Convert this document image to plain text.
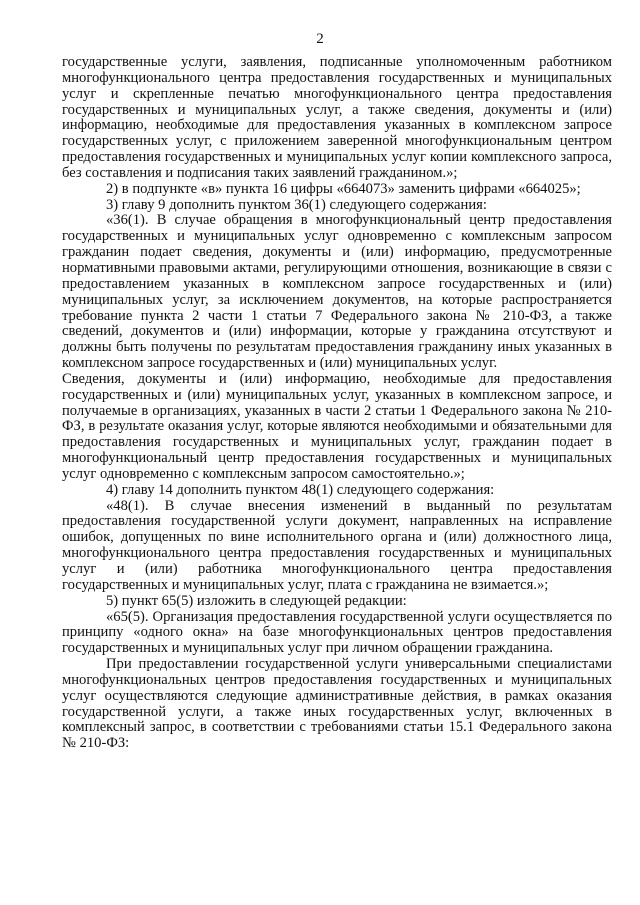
2

государственные услуги, заявления, подписанные уполномоченным работником многофункционального центра предоставления государственных и муниципальных услуг и скрепленные печатью многофункционального центра предоставления государственных и муниципальных услуг, а также сведения, документы и (или) информацию, необходимые для предоставления указанных в комплексном запросе государственных услуг, с приложением заверенной многофункциональным центром предоставления государственных и муниципальных услуг копии комплексного запроса, без составления и подписания таких заявлений гражданином.»;

2) в подпункте «в» пункта 16 цифры «664073» заменить цифрами «664025»;

3) главу 9 дополнить пунктом 36(1) следующего содержания:

«36(1). В случае обращения в многофункциональный центр предоставления государственных и муниципальных услуг одновременно с комплексным запросом гражданин подает сведения, документы и (или) информацию, предусмотренные нормативными правовыми актами, регулирующими отношения, возникающие в связи с предоставлением указанных в комплексном запросе государственных и (или) муниципальных услуг, за исключением документов, на которые распространяется требование пункта 2 части 1 статьи 7 Федерального закона № 210-ФЗ, а также сведений, документов и (или) информации, которые у гражданина отсутствуют и должны быть получены по результатам предоставления гражданину иных указанных в комплексном запросе государственных и (или) муниципальных услуг.

Сведения, документы и (или) информацию, необходимые для предоставления государственных и (или) муниципальных услуг, указанных в комплексном запросе, и получаемые в организациях, указанных в части 2 статьи 1 Федерального закона № 210-ФЗ, в результате оказания услуг, которые являются необходимыми и обязательными для предоставления государственных и муниципальных услуг, гражданин подает в многофункциональный центр предоставления государственных и муниципальных услуг одновременно с комплексным запросом самостоятельно.»;

4) главу 14 дополнить пунктом 48(1) следующего содержания:

«48(1). В случае внесения изменений в выданный по результатам предоставления государственной услуги документ, направленных на исправление ошибок, допущенных по вине исполнительного органа и (или) должностного лица, многофункционального центра предоставления государственных и муниципальных услуг и (или) работника многофункционального центра предоставления государственных и муниципальных услуг, плата с гражданина не взимается.»;

5) пункт 65(5) изложить в следующей редакции:

«65(5). Организация предоставления государственной услуги осуществляется по принципу «одного окна» на базе многофункциональных центров предоставления государственных и муниципальных услуг при личном обращении гражданина.

При предоставлении государственной услуги универсальными специалистами многофункциональных центров предоставления государственных и муниципальных услуг осуществляются следующие административные действия, в рамках оказания государственной услуги, а также иных государственных услуг, включенных в комплексный запрос, в соответствии с требованиями статьи 15.1 Федерального закона № 210-ФЗ:
